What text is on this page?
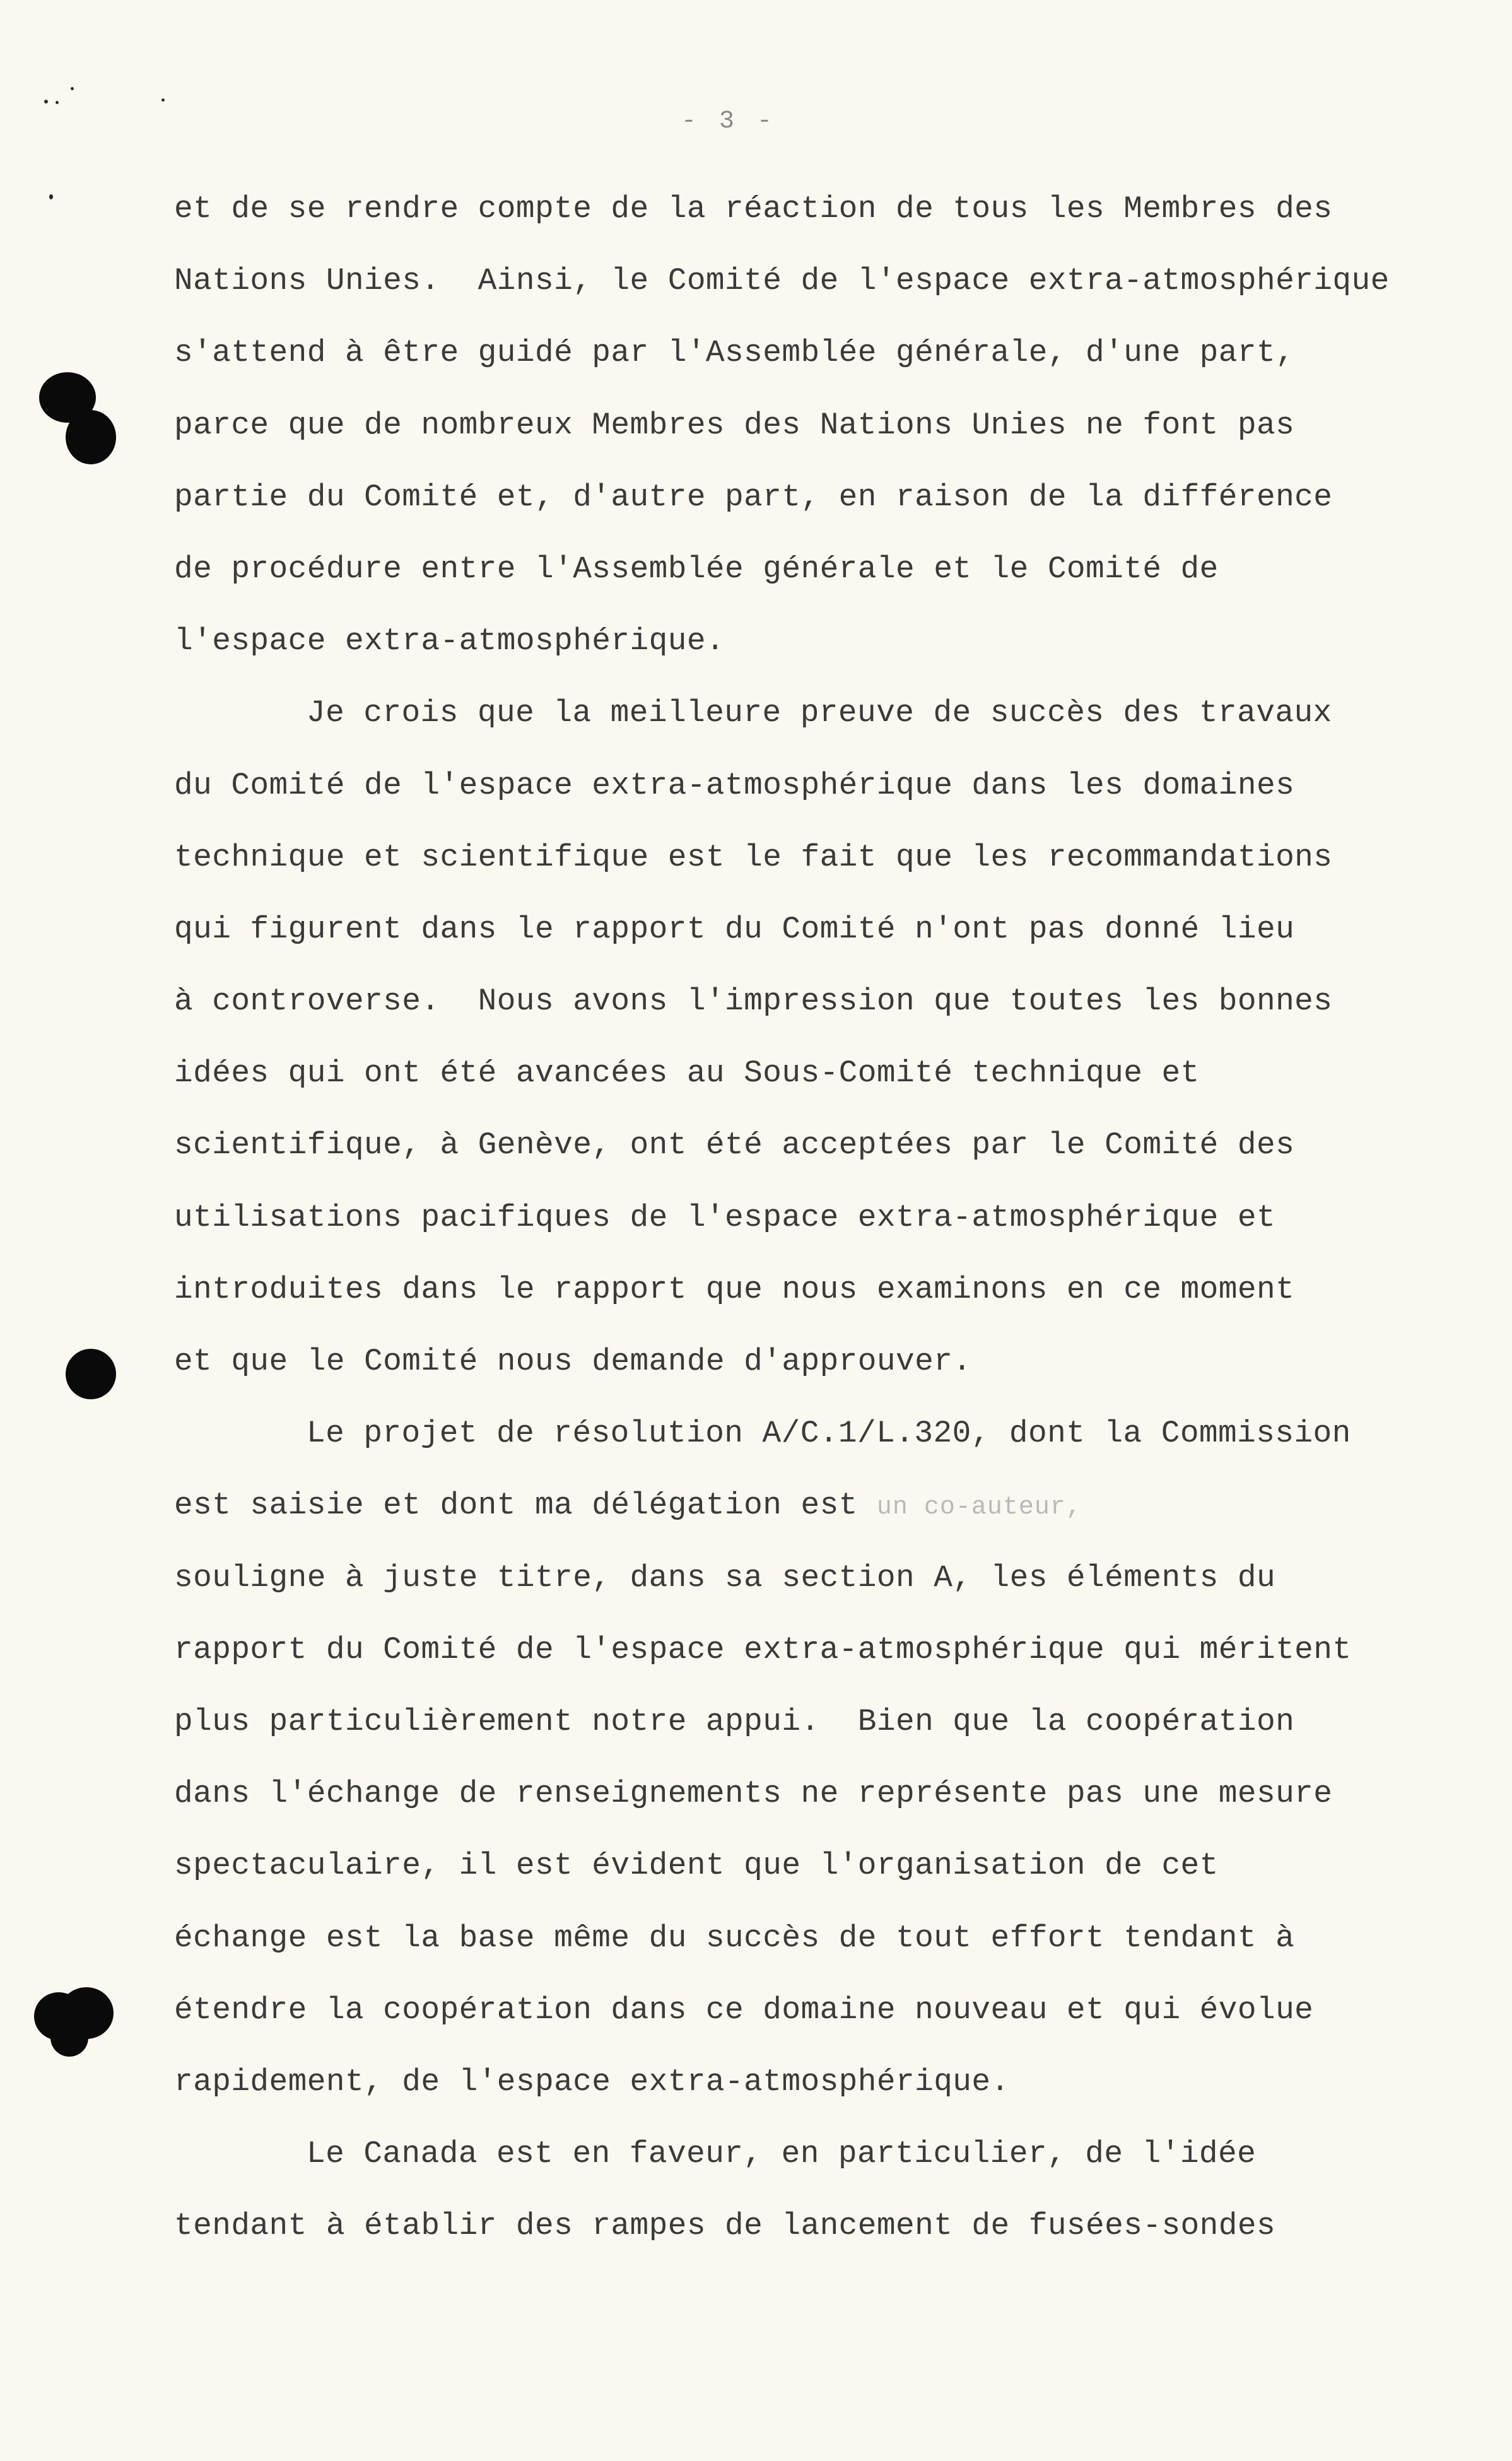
- 3 -
et de se rendre compte de la réaction de tous les Membres des
Nations Unies.  Ainsi, le Comité de l'espace extra-atmosphérique
s'attend à être guidé par l'Assemblée générale, d'une part,
parce que de nombreux Membres des Nations Unies ne font pas
partie du Comité et, d'autre part, en raison de la différence
de procédure entre l'Assemblée générale et le Comité de
l'espace extra-atmosphérique.
Je crois que la meilleure preuve de succès des travaux
du Comité de l'espace extra-atmosphérique dans les domaines
technique et scientifique est le fait que les recommandations
qui figurent dans le rapport du Comité n'ont pas donné lieu
à controverse.  Nous avons l'impression que toutes les bonnes
idées qui ont été avancées au Sous-Comité technique et
scientifique, à Genève, ont été acceptées par le Comité des
utilisations pacifiques de l'espace extra-atmosphérique et
introduites dans le rapport que nous examinons en ce moment
et que le Comité nous demande d'approuver.
Le projet de résolution A/C.1/L.320, dont la Commission
est saisie et dont ma délégation est un co-auteur,
souligne à juste titre, dans sa section A, les éléments du
rapport du Comité de l'espace extra-atmosphérique qui méritent
plus particulièrement notre appui.  Bien que la coopération
dans l'échange de renseignements ne représente pas une mesure
spectaculaire, il est évident que l'organisation de cet
échange est la base même du succès de tout effort tendant à
étendre la coopération dans ce domaine nouveau et qui évolue
rapidement, de l'espace extra-atmosphérique.
Le Canada est en faveur, en particulier, de l'idée
tendant à établir des rampes de lancement de fusées-sondes
